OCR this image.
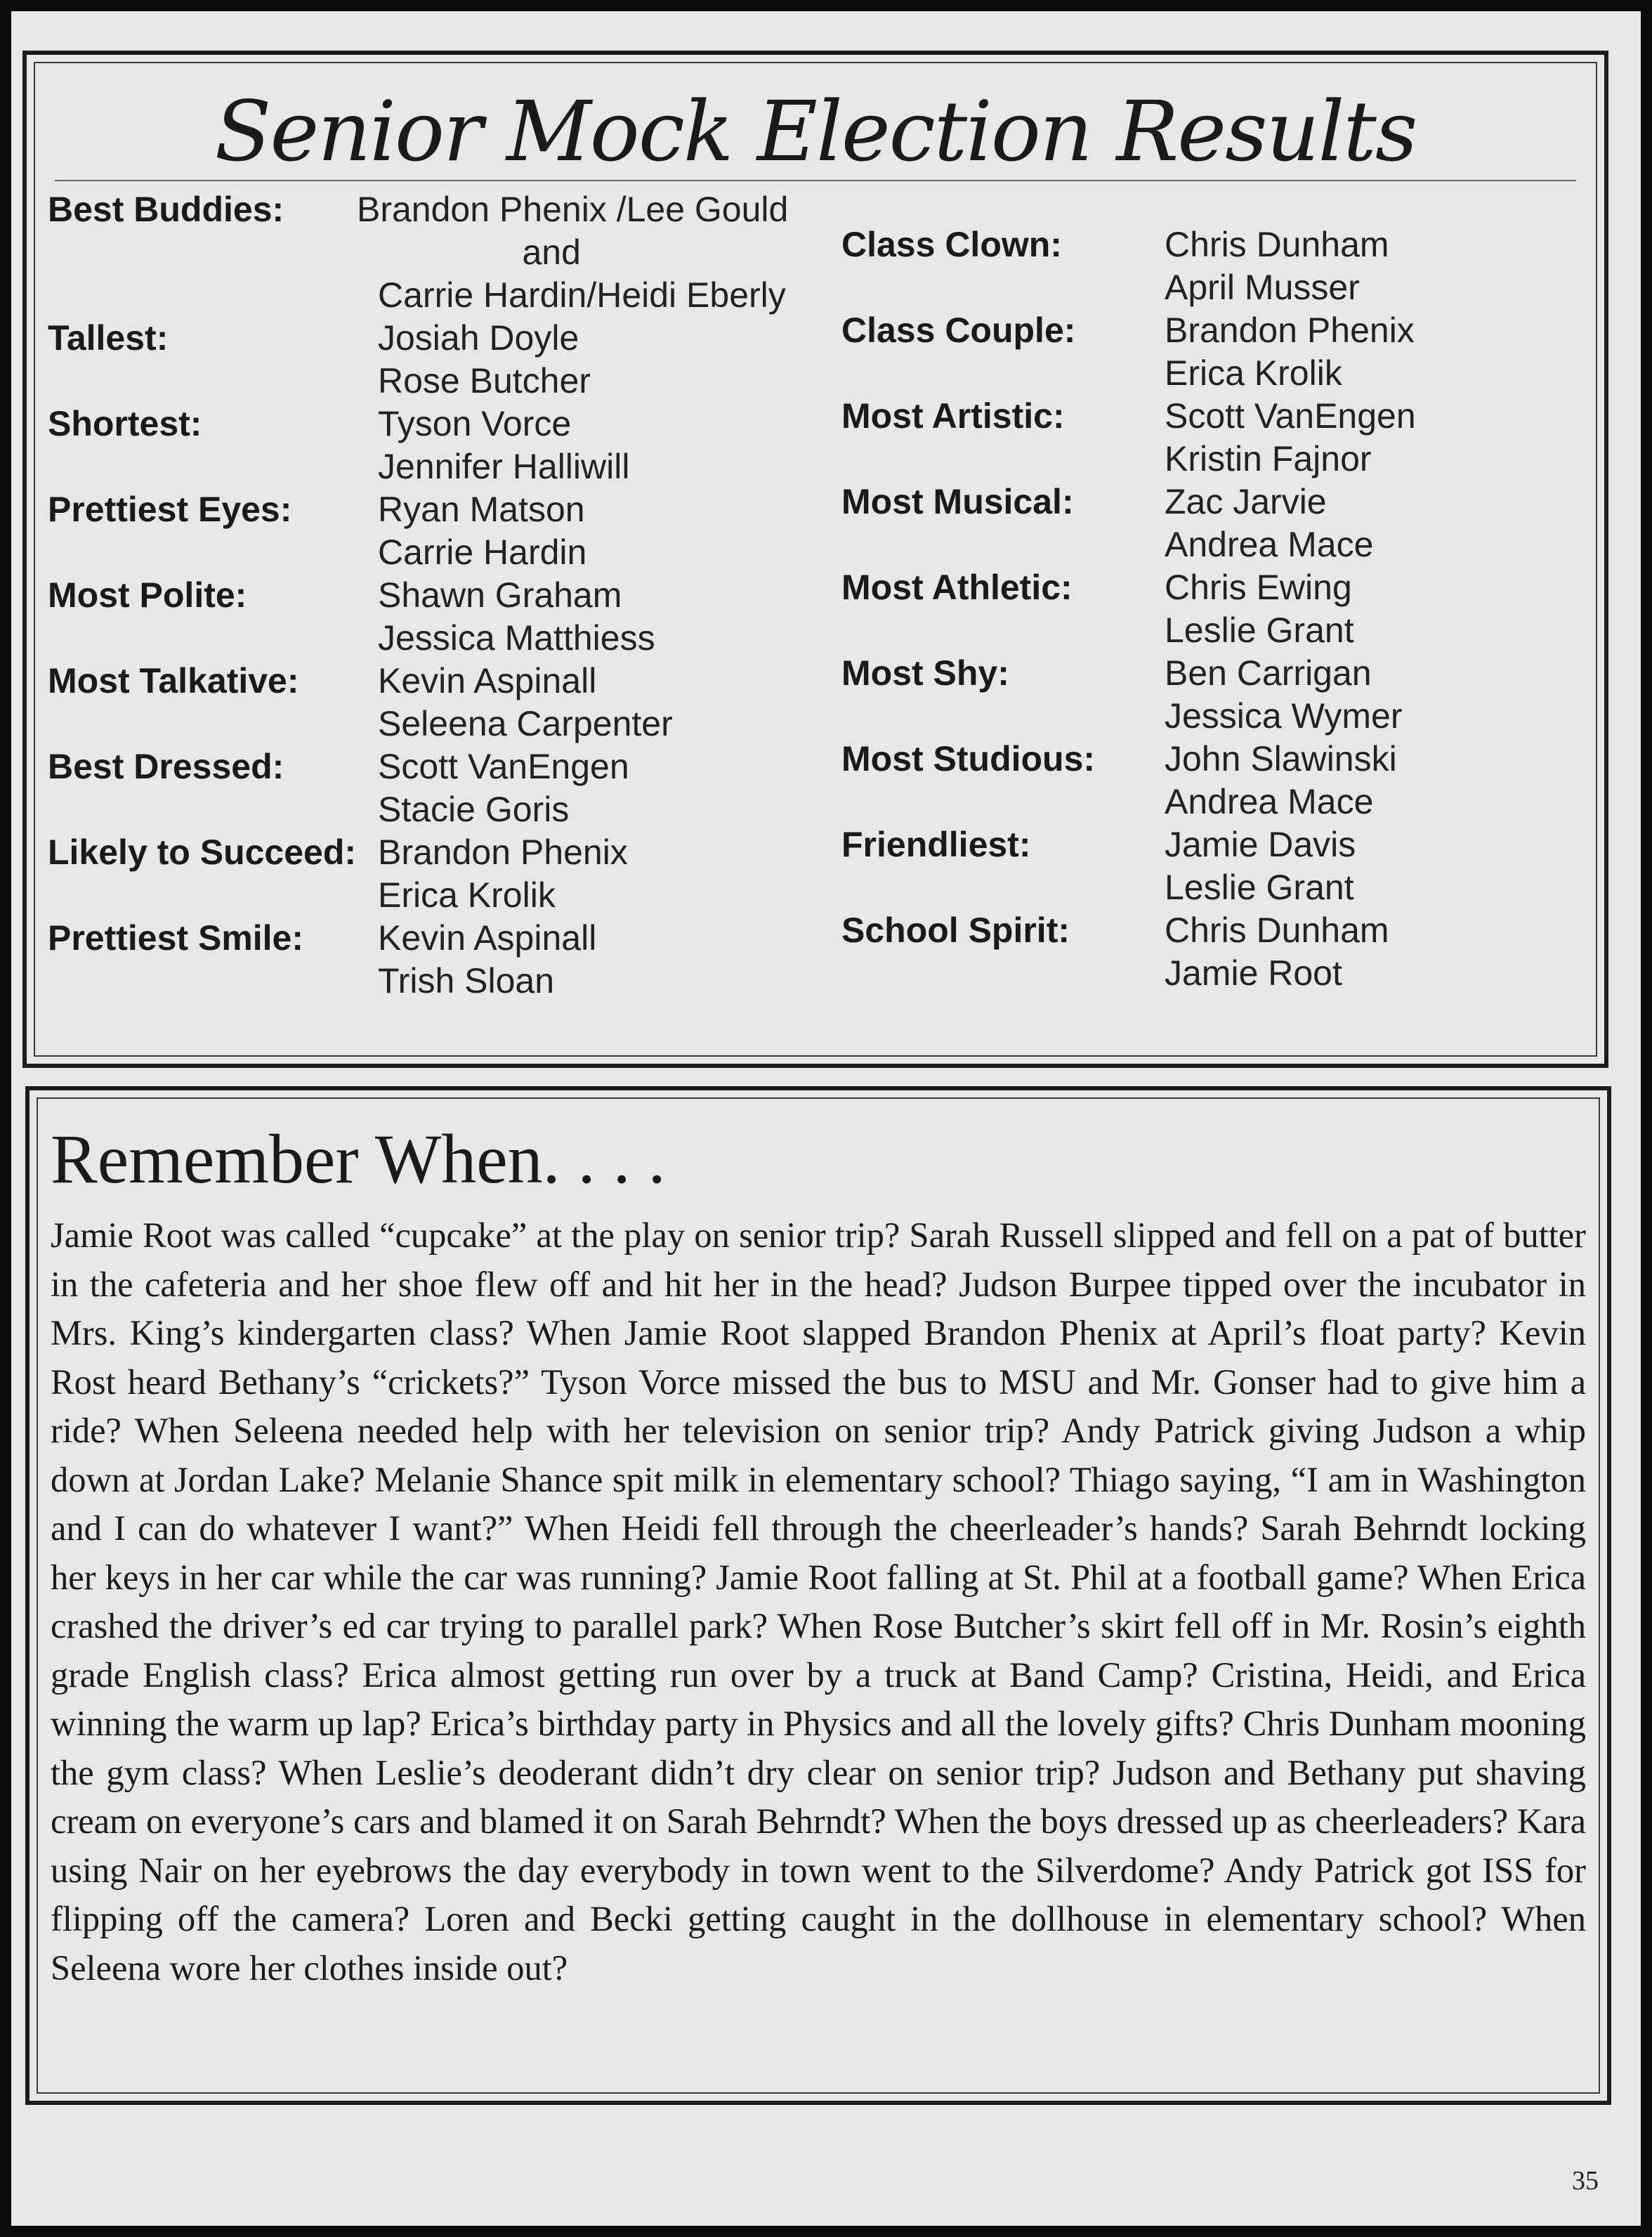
Senior Mock Election Results
Best Buddies:	Brandon Phenix /Lee Gould
and
Carrie Hardin/Heidi Eberly
Tallest:	Josiah Doyle
Rose Butcher
Shortest:	Tyson Vorce
Jennifer Halliwill
Prettiest Eyes:	Ryan Matson
Carrie Hardin
Most Polite:	Shawn Graham
Jessica Matthiess
Most Talkative:	Kevin Aspinall
Seleena Carpenter
Best Dressed:	Scott VanEngen
Stacie Goris
Likely to Succeed: Brandon Phenix
Erica Krolik
Prettiest Smile:	Kevin Aspinall
Trish Sloan
Class Clown:	Chris Dunham
April Musser
Class Couple:	Brandon Phenix
Erica Krolik
Most Artistic:	Scott VanEngen
Kristin Fajnor
Most Musical:	Zac Jarvie
Andrea Mace
Most Athletic:	Chris Ewing
Leslie Grant
Most Shy:	Ben Carrigan
Jessica Wymer
Most Studious:	John Slawinski
Andrea Mace
Friendliest:	Jamie Davis
Leslie Grant
School Spirit:	Chris Dunham
Jamie Root
Remember When. . . .

Jamie Root was called “cupcake” at the play on senior trip? Sarah Russell slipped and fell on a pat of butter in the cafeteria and her shoe flew off and hit her in the head? Judson Burpee tipped over the incubator in Mrs. King’s kindergarten class? When Jamie Root slapped Brandon Phenix at April’s float party? Kevin Rost heard Bethany’s “crickets?” Tyson Vorce missed the bus to MSU and Mr. Gonser had to give him a ride? When Seleena needed help with her television on senior trip? Andy Patrick giving Judson a whip down at Jordan Lake? Melanie Shance spit milk in elementary school? Thiago saying, “I am in Washington and I can do whatever I want?” When Heidi fell through the cheerleader’s hands? Sarah Behrndt locking her keys in her car while the car was running? Jamie Root falling at St. Phil at a football game? When Erica crashed the driver’s ed car trying to parallel park? When Rose Butcher’s skirt fell off in Mr. Rosin’s eighth grade English class? Erica almost getting run over by a truck at Band Camp? Cristina, Heidi, and Erica winning the warm up lap? Erica’s birthday party in Physics and all the lovely gifts? Chris Dunham mooning the gym class? When Leslie’s deoderant didn’t dry clear on senior trip? Judson and Bethany put shaving cream on everyone’s cars and blamed it on Sarah Behrndt? When the boys dressed up as cheerleaders? Kara using Nair on her eyebrows the day everybody in town went to the Silverdome? Andy Patrick got ISS for flipping off the camera? Loren and Becki getting caught in the dollhouse in elementary school? When Seleena wore her clothes inside out?

35
